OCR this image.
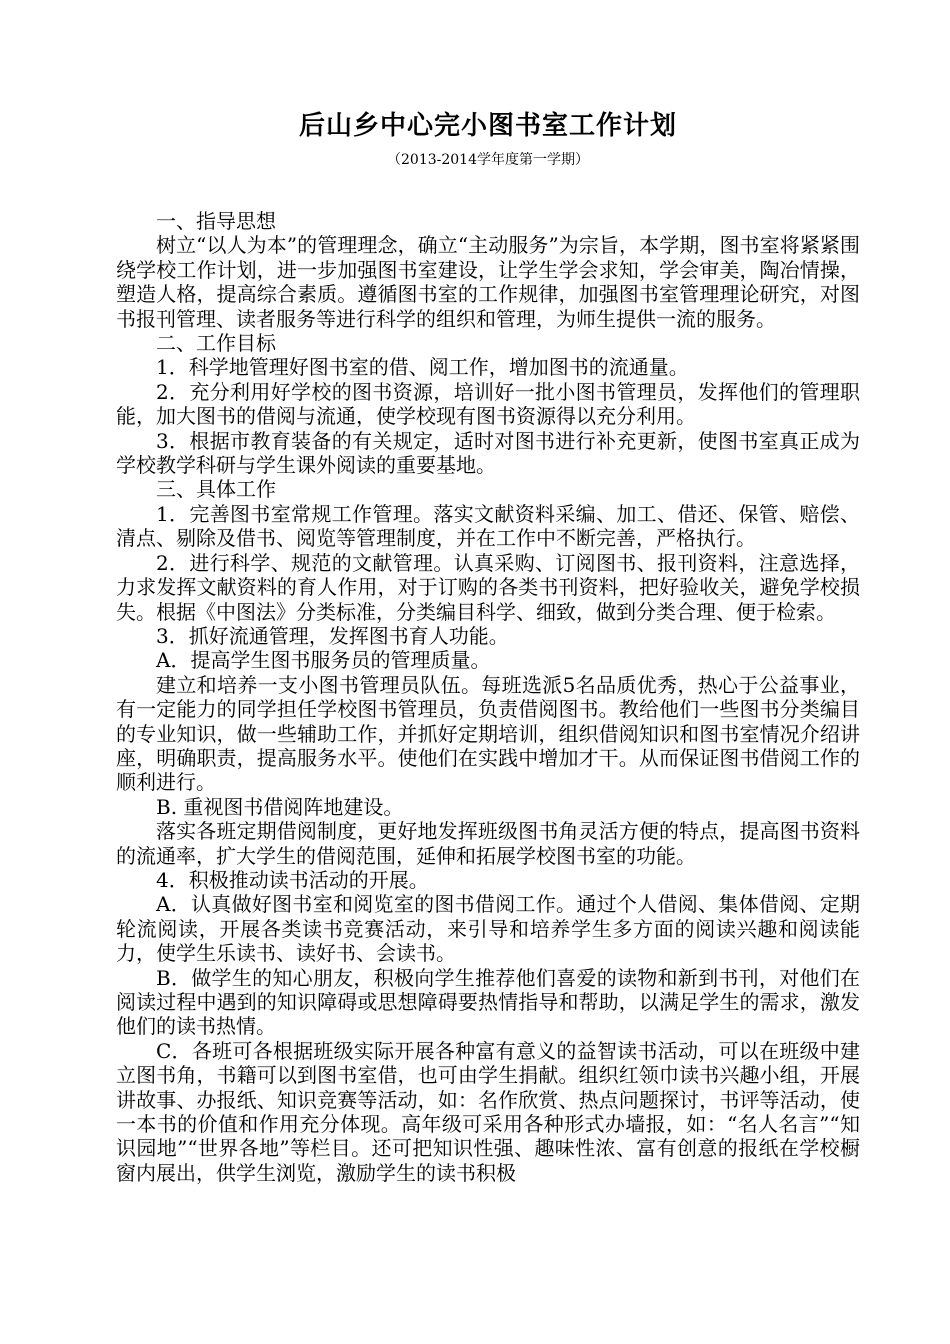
后山乡中心完小图书室工作计划
（2013-2014学年度第一学期）

一、指导思想

树立“以人为本”的管理理念，确立“主动服务”为宗旨，本学期，图书室将紧紧围绕学校工作计划，进一步加强图书室建设，让学生学会求知，学会审美，陶冶情操，塑造人格，提高综合素质。遵循图书室的工作规律，加强图书室管理理论研究，对图书报刊管理、读者服务等进行科学的组织和管理，为师生提供一流的服务。

二、工作目标

1．科学地管理好图书室的借、阅工作，增加图书的流通量。

2．充分利用好学校的图书资源，培训好一批小图书管理员，发挥他们的管理职能，加大图书的借阅与流通，使学校现有图书资源得以充分利用。

3．根据市教育装备的有关规定，适时对图书进行补充更新，使图书室真正成为学校教学科研与学生课外阅读的重要基地。

三、具体工作

1．完善图书室常规工作管理。落实文献资料采编、加工、借还、保管、赔偿、清点、剔除及借书、阅览等管理制度，并在工作中不断完善，严格执行。

2．进行科学、规范的文献管理。认真采购、订阅图书、报刊资料，注意选择，力求发挥文献资料的育人作用，对于订购的各类书刊资料，把好验收关，避免学校损失。根据《中图法》分类标准，分类编目科学、细致，做到分类合理、便于检索。

3．抓好流通管理，发挥图书育人功能。

A．提高学生图书服务员的管理质量。

建立和培养一支小图书管理员队伍。每班选派5名品质优秀，热心于公益事业，有一定能力的同学担任学校图书管理员，负责借阅图书。教给他们一些图书分类编目的专业知识，做一些辅助工作，并抓好定期培训，组织借阅知识和图书室情况介绍讲座，明确职责，提高服务水平。使他们在实践中增加才干。从而保证图书借阅工作的顺利进行。

B. 重视图书借阅阵地建设。

落实各班定期借阅制度，更好地发挥班级图书角灵活方便的特点，提高图书资料的流通率，扩大学生的借阅范围，延伸和拓展学校图书室的功能。

4．积极推动读书活动的开展。

A．认真做好图书室和阅览室的图书借阅工作。通过个人借阅、集体借阅、定期轮流阅读，开展各类读书竞赛活动，来引导和培养学生多方面的阅读兴趣和阅读能力，使学生乐读书、读好书、会读书。

B．做学生的知心朋友，积极向学生推荐他们喜爱的读物和新到书刊，对他们在阅读过程中遇到的知识障碍或思想障碍要热情指导和帮助，以满足学生的需求，激发他们的读书热情。

C．各班可各根据班级实际开展各种富有意义的益智读书活动，可以在班级中建立图书角，书籍可以到图书室借，也可由学生捐献。组织红领巾读书兴趣小组，开展讲故事、办报纸、知识竞赛等活动，如：名作欣赏、热点问题探讨，书评等活动，使一本书的价值和作用充分体现。高年级可采用各种形式办墙报，如：“名人名言”“知识园地”“世界各地”等栏目。还可把知识性强、趣味性浓、富有创意的报纸在学校橱窗内展出，供学生浏览，激励学生的读书积极
